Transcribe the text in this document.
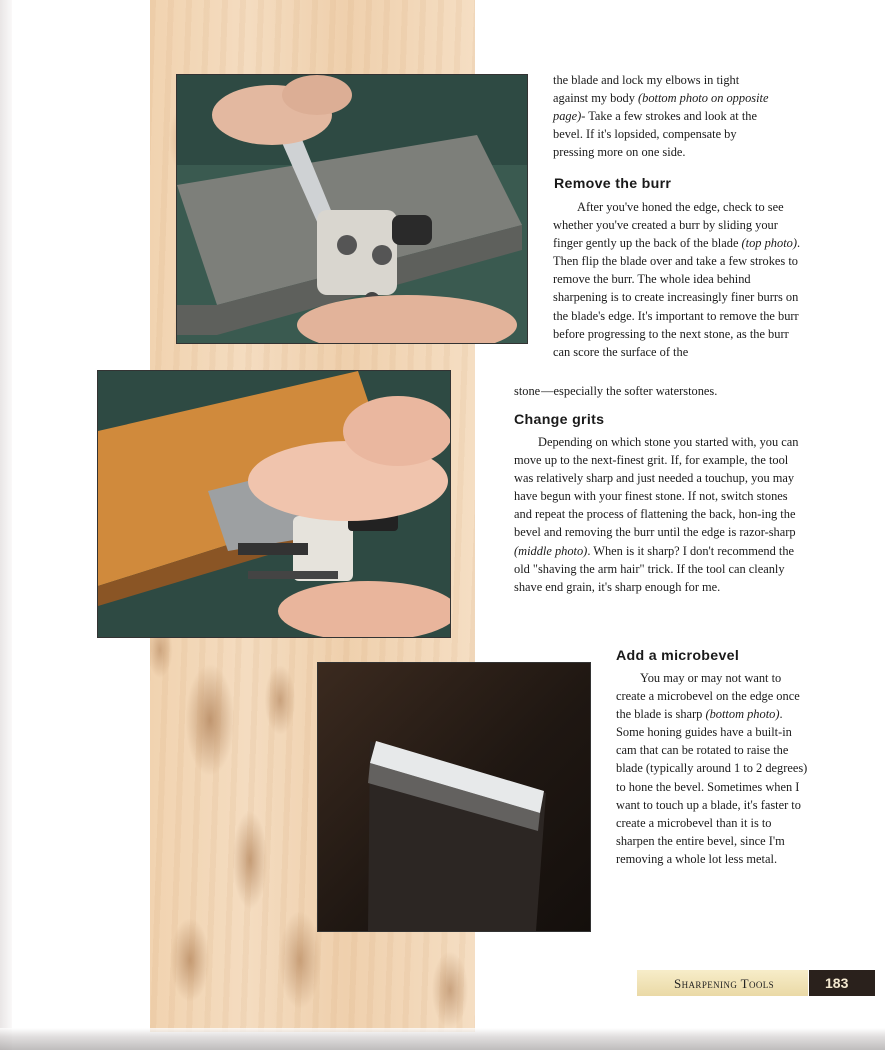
the blade and lock my elbows in tight

against my body (bottom photo on opposite page)- Take a few strokes and look at the

bevel. If it's lopsided, compensate by

pressing more on one side.

Remove the burr

After you've honed the edge, check to see whether you've created a burr by sliding your finger gently up the back of the blade (top photo). Then flip the blade over and take a few strokes to remove the burr. The whole idea behind sharpening is to create increasingly finer burrs on the blade's edge. It's important to remove the burr before progressing to the next stone, as the burr can score the surface of the

stone—especially the softer waterstones.
Change grits

Depending on which stone you started with, you can move up to the next-finest grit. If, for example, the tool was relatively sharp and just needed a touchup, you may have begun with your finest stone. If not, switch stones and repeat the process of flattening the back, hon-ing the bevel and removing the burr until the edge is razor-sharp (middle photo). When is it sharp? I don't recommend the old "shaving the arm hair" trick. If the tool can cleanly shave end grain, it's sharp enough for me.

Add a microbevel

You may or may not want to create a microbevel on the edge once the blade is sharp (bottom photo). Some honing guides have a built-in cam that can be rotated to raise the blade (typically around 1 to 2 degrees) to hone the bevel. Sometimes when I want to touch up a blade, it's faster to create a microbevel than it is to sharpen the entire bevel, since I'm removing a whole lot less metal.

Sharpening Tools	183
